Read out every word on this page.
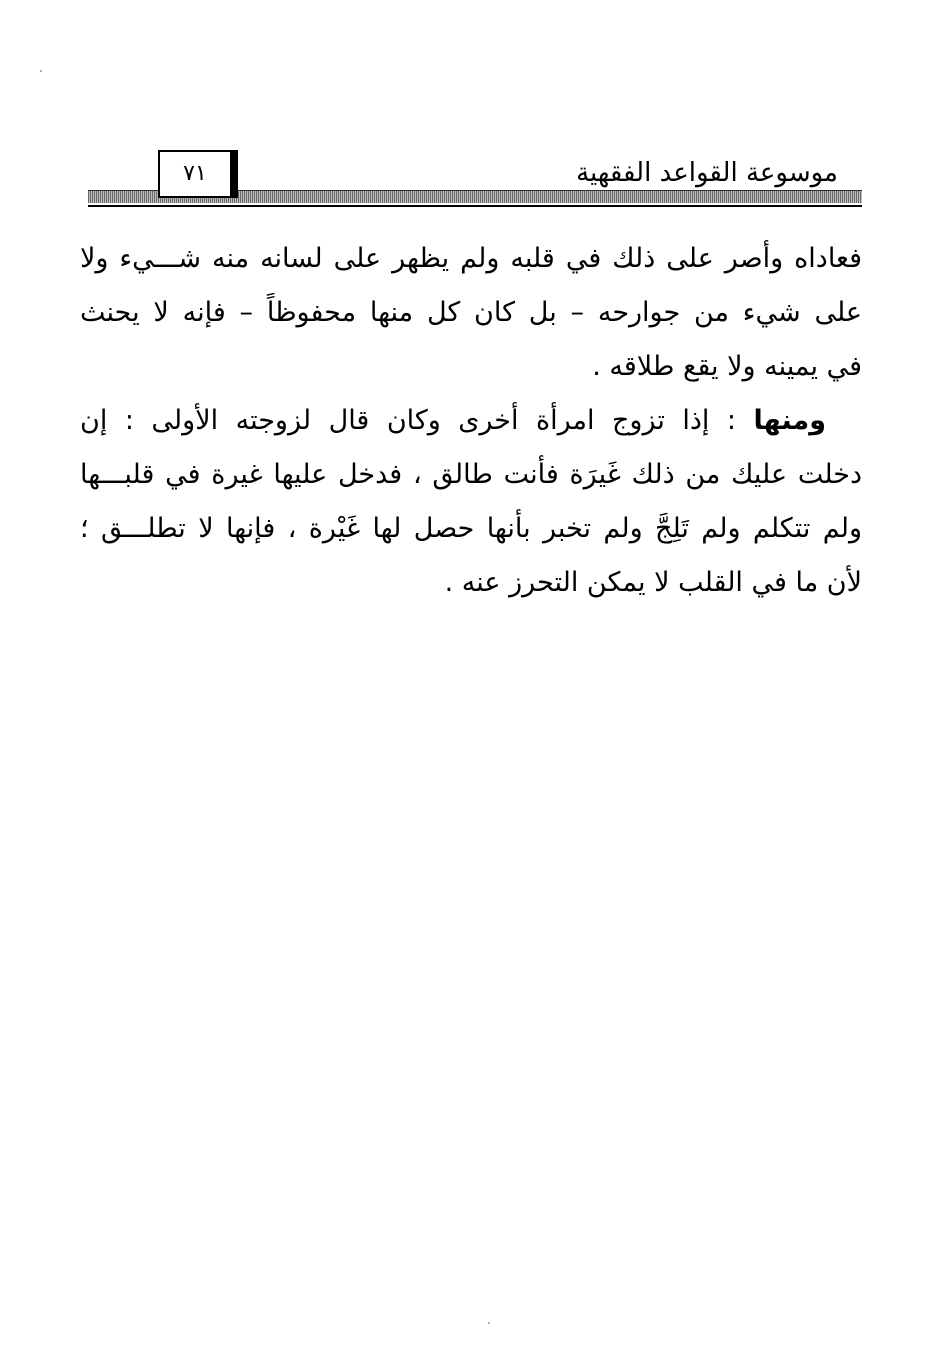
٧١	موسوعة القواعد الفقهية
فعاداه وأصر على ذلك في قلبه ولم يظهر على لسانه منه شـــيء ولا
على شيء من جوارحه – بل كان كل منها محفوظاً – فإنه لا يحنث
في يمينه ولا يقع طلاقه .
ومنها : إذا تزوج امرأة أخرى وكان قال لزوجته الأولى : إن
دخلت عليك من ذلك غَيرَة فأنت طالق ، فدخل عليها غيرة في قلبـــها
ولم تتكلم ولم تَلِجَّ ولم تخبر بأنها حصل لها غَيْرة ، فإنها لا تطلـــق ؛
لأن ما في القلب لا يمكن التحرز عنه .
